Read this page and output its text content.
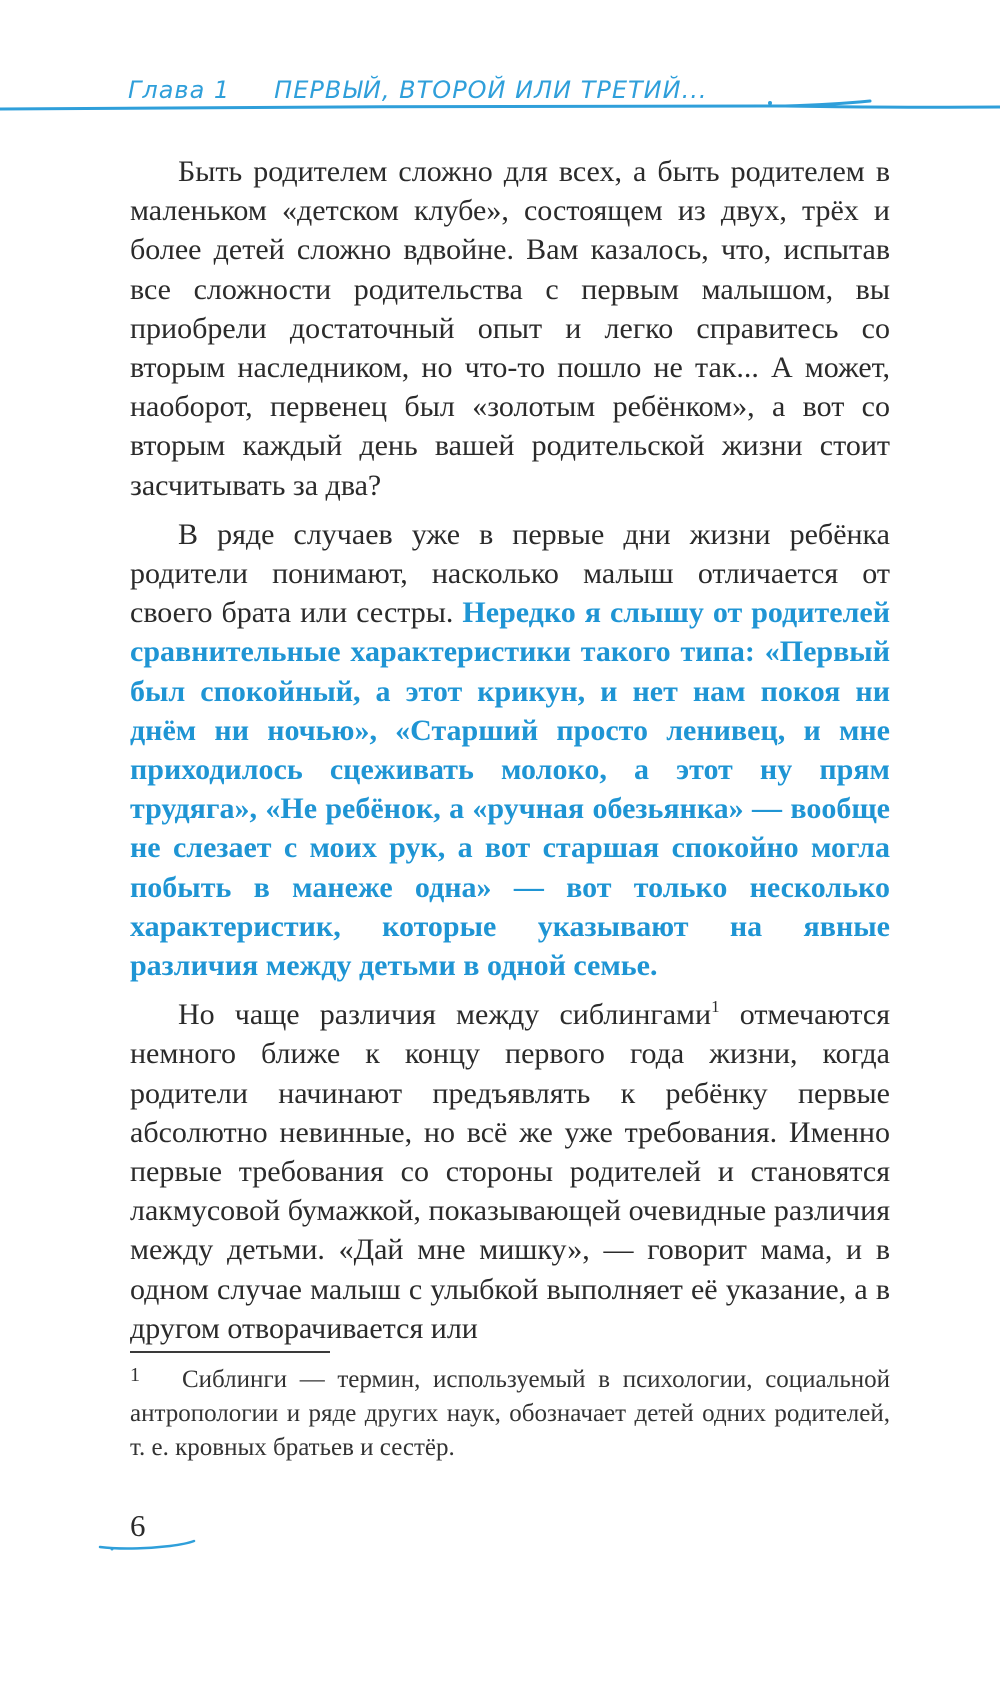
Глава 1 ПЕРВЫЙ, ВТОРОЙ ИЛИ ТРЕТИЙ...

Быть родителем сложно для всех, а быть родителем в маленьком «детском клубе», состоящем из двух, трёх и более детей сложно вдвойне. Вам казалось, что, испытав все сложности родительства с первым малышом, вы приобрели достаточный опыт и легко справитесь со вторым наследником, но что-то пошло не так... А может, наоборот, первенец был «золотым ребёнком», а вот со вторым каждый день вашей родительской жизни стоит засчитывать за два?

В ряде случаев уже в первые дни жизни ребёнка родители понимают, насколько малыш отличается от своего брата или сестры. Нередко я слышу от родителей сравнительные характеристики такого типа: «Первый был спокойный, а этот крикун, и нет нам покоя ни днём ни ночью», «Старший просто ленивец, и мне приходилось сцеживать молоко, а этот ну прям трудяга», «Не ребёнок, а «ручная обезьянка» — вообще не слезает с моих рук, а вот старшая спокойно могла побыть в манеже одна» — вот только несколько характеристик, которые указывают на явные различия между детьми в одной семье.

Но чаще различия между сиблингами$^1$ отмечаются немного ближе к концу первого года жизни, когда родители начинают предъявлять к ребёнку первые абсолютно невинные, но всё же уже требования. Именно первые требования со стороны родителей и становятся лакмусовой бумажкой, показывающей очевидные различия между детьми. «Дай мне мишку», — говорит мама, и в одном случае малыш с улыбкой выполняет её указание, а в другом отворачивается или

1 Сиблинги — термин, используемый в психологии, социальной антропологии и ряде других наук, обозначает детей одних родителей, т. е. кровных братьев и сестёр.
6
